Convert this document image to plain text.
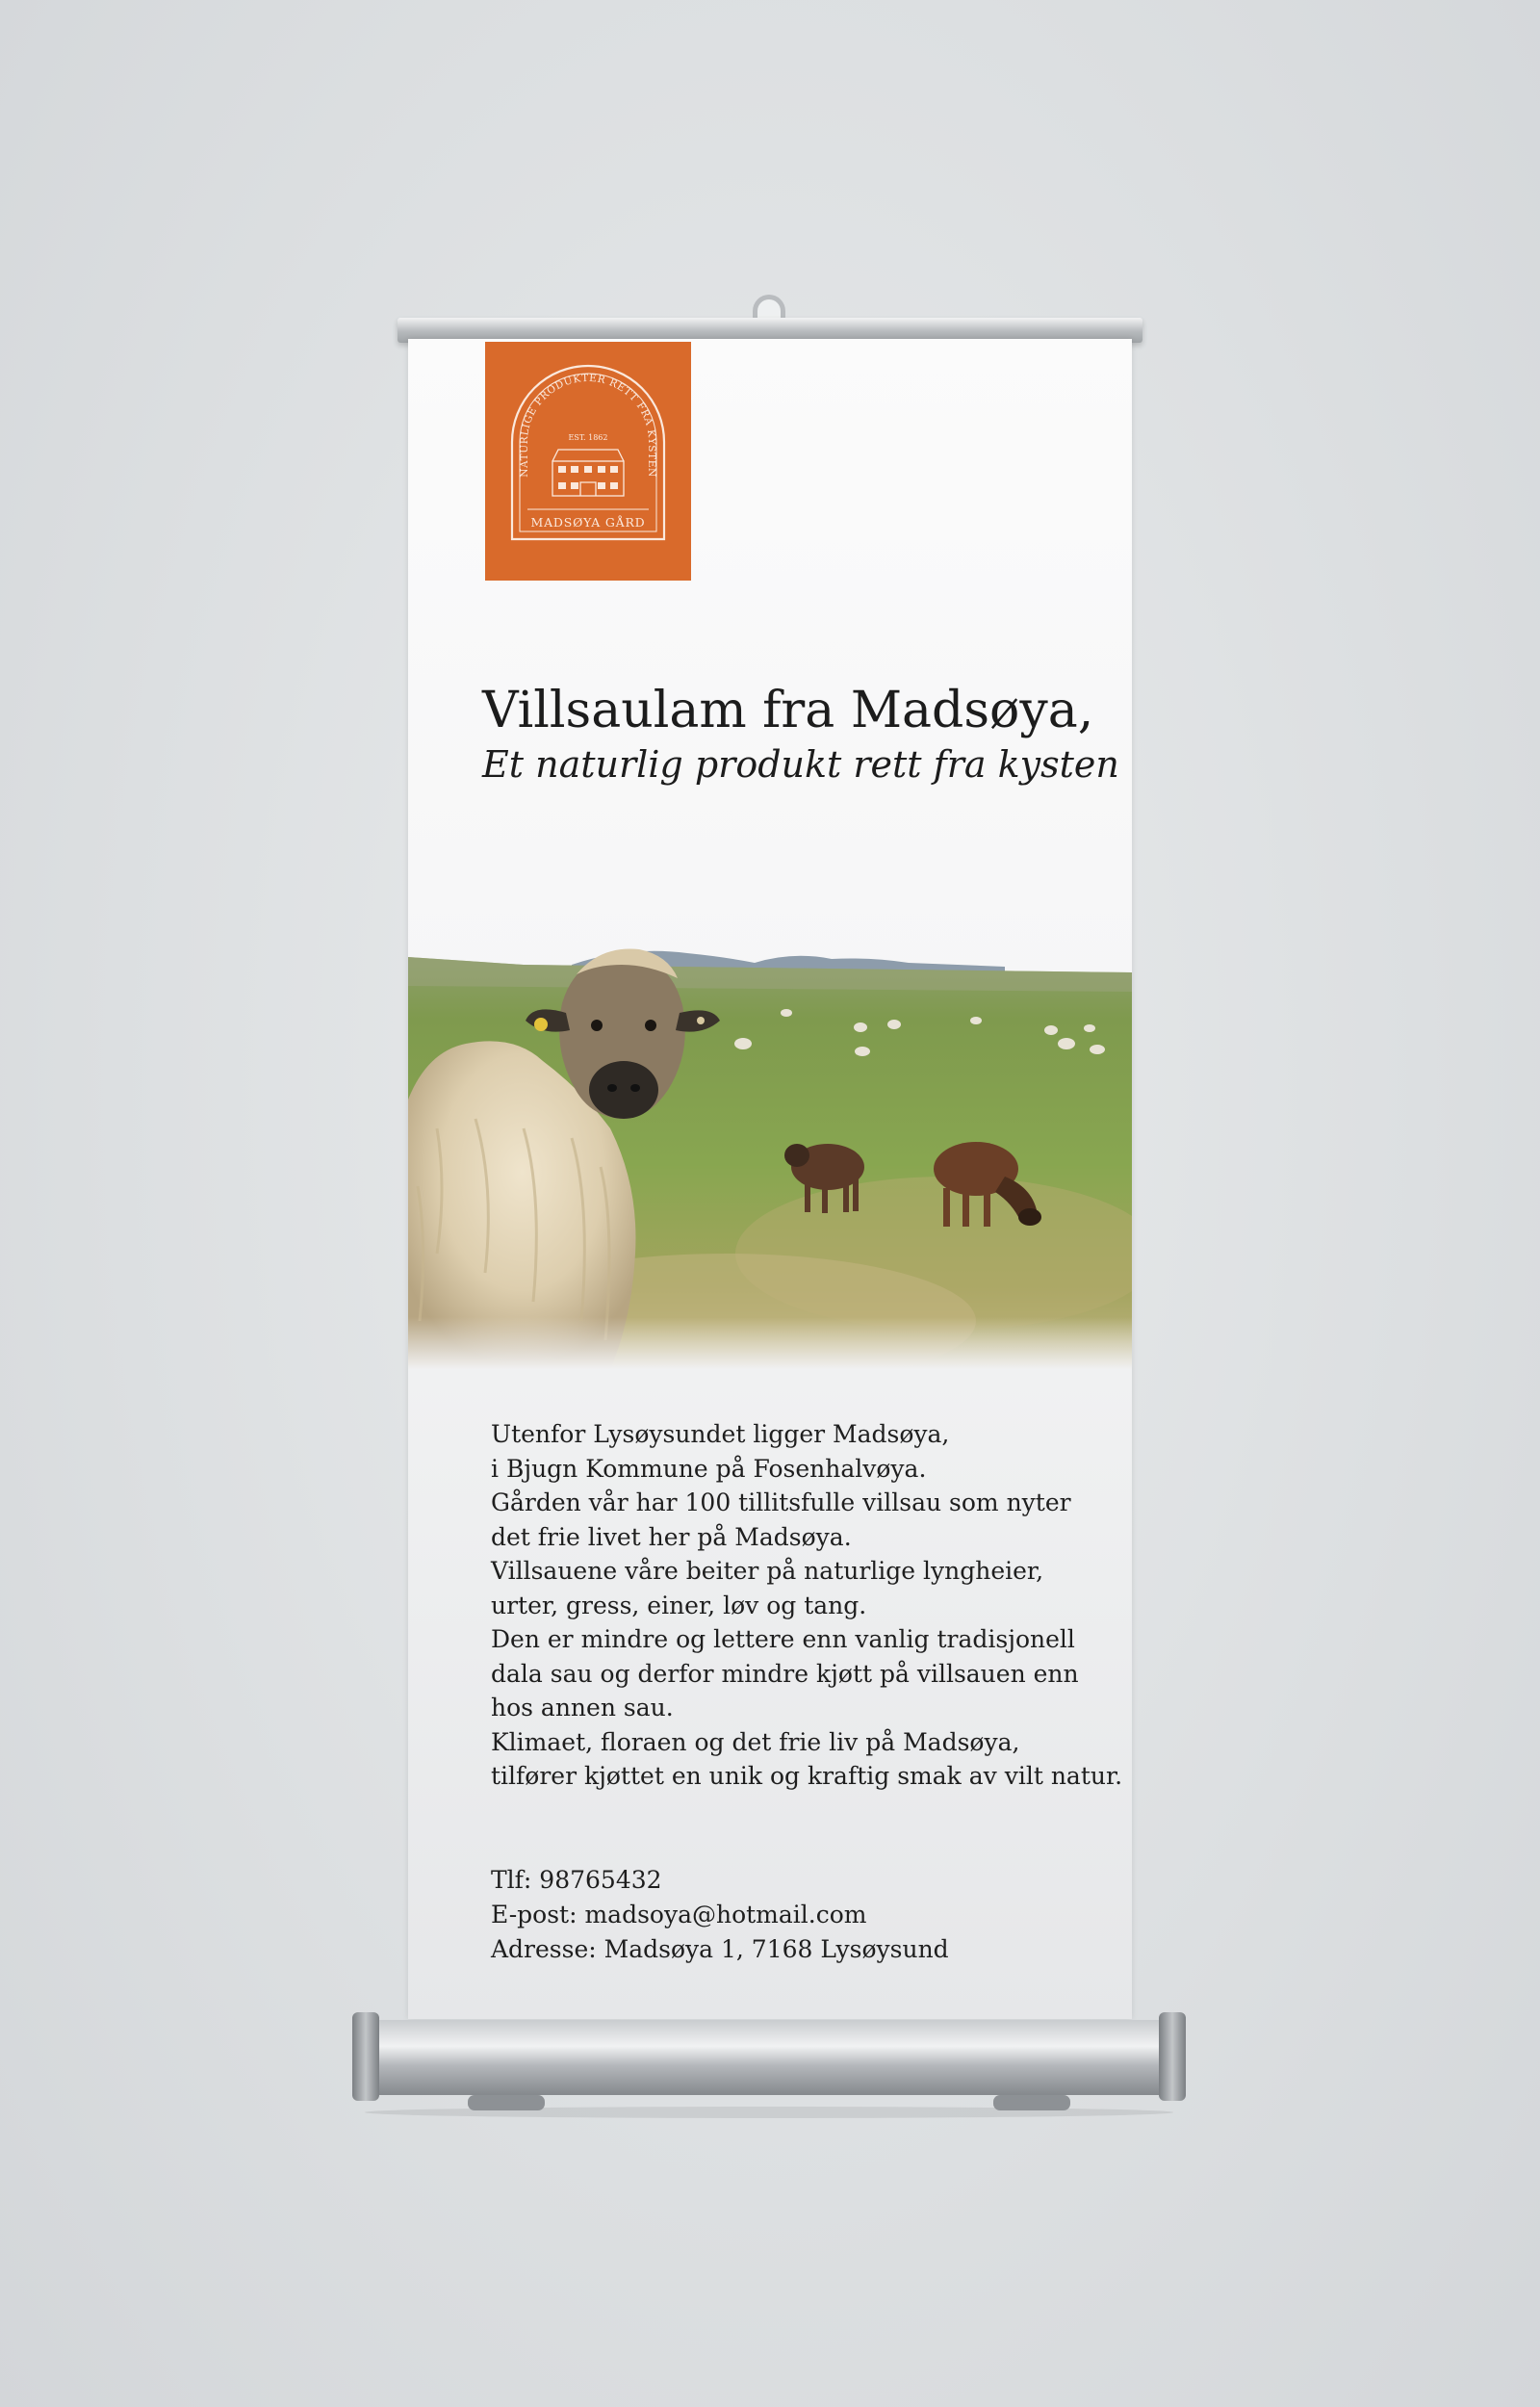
NATURLIGE PRODUKTER RETT FRA KYSTEN
EST. 1862
MADSØYA GÅRD
Villsaulam fra Madsøya,
Et naturlig produkt rett fra kysten
Utenfor Lysøysundet ligger Madsøya,
i Bjugn Kommune på Fosenhalvøya.
Gården vår har 100 tillitsfulle villsau som nyter
det frie livet her på Madsøya.
Villsauene våre beiter på naturlige lyngheier,
urter, gress, einer, løv og tang.
Den er mindre og lettere enn vanlig tradisjonell
dala sau og derfor mindre kjøtt på villsauen enn
hos annen sau.
Klimaet, floraen og det frie liv på Madsøya,
tilfører kjøttet en unik og kraftig smak av vilt natur.
Tlf: 98765432
E-post: madsoya@hotmail.com
Adresse: Madsøya 1, 7168 Lysøysund
